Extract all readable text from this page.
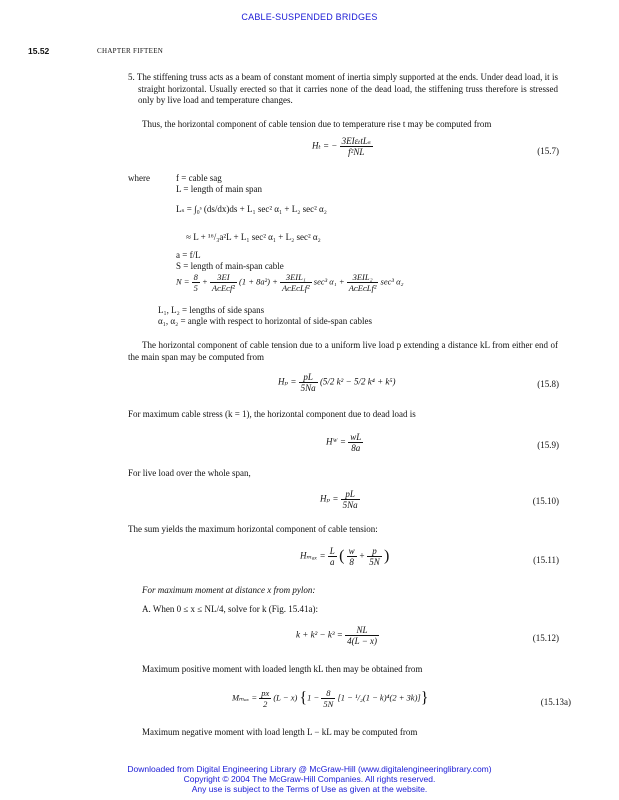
CABLE-SUSPENDED BRIDGES
15.52	CHAPTER FIFTEEN
5. The stiffening truss acts as a beam of constant moment of inertia simply supported at the ends. Under dead load, it is straight horizontal. Usually erected so that it carries none of the dead load, the stiffening truss therefore is stressed only by live load and temperature changes.
Thus, the horizontal component of cable tension due to temperature rise t may be computed from
Hₜ = − $\frac{\text{3EIεₜtLₛ}}{\text{f²NL}}$	(15.7)
where	f = cable sag
L = length of main span
Lₛ = ∫₀ˢ (ds/dx)ds + L₁ sec² α₁ + L₂ sec² α₂
≈ L + ¹⁶/₃a²L + L₁ sec² α₁ + L₂ sec² α₂
a = f/L
S = length of main-span cable
$N = \frac{8}{5} + \frac{3EI}{\text{AᴄEᴄf²}} (1 + 8a^2) + \frac{\text{3EIL₁}}{\text{AᴄEᴄLf²}} \sec^3$ $\alpha_1 + \frac{\text{3EIL₂}}{\text{AᴄEᴄLf²}} \sec^3$ α₂
L₁, L₂ = lengths of side spans
α₁, α₂ = angle with respect to horizontal of side-span cables
The horizontal component of cable tension due to a uniform live load p extending a distance kL from either end of the main span may be computed from
$H_p = \frac{pL}{5Na} (5/2$ k² − 5/2 k⁴ + k⁵)	(15.8)
For maximum cable stress (k = 1), the horizontal component due to dead load is
Hᵂ = $\frac{wL}{8a}$	(15.9)
For live load over the whole span,
$H_p = \frac{pL}{5Na}$	(15.10)
The sum yields the maximum horizontal component of cable tension:
$H_{max} = \frac{L}{a}$ ( $\frac{w}{8} + \frac{p}{5N}$ )	(15.11)
For maximum moment at distance x from pylon:
A. When 0 ≤ x ≤ NL/4, solve for k (Fig. 15.41a):
$k + k^2 - k^3 = \frac{NL}{4(L - x)}$	(15.12)
Maximum positive moment with loaded length kL then may be obtained from
$M_{max} = \frac{px}{2} (L - x) \{1 - \frac{8}{5N} [1 - ^1/_2(1 - k)^4(2 + 3k)]\}$	(15.13a)
Maximum negative moment with load length L − kL may be computed from
Downloaded from Digital Engineering Library @ McGraw-Hill (www.digitalengineeringlibrary.com)
Copyright © 2004 The McGraw-Hill Companies. All rights reserved.
Any use is subject to the Terms of Use as given at the website.
